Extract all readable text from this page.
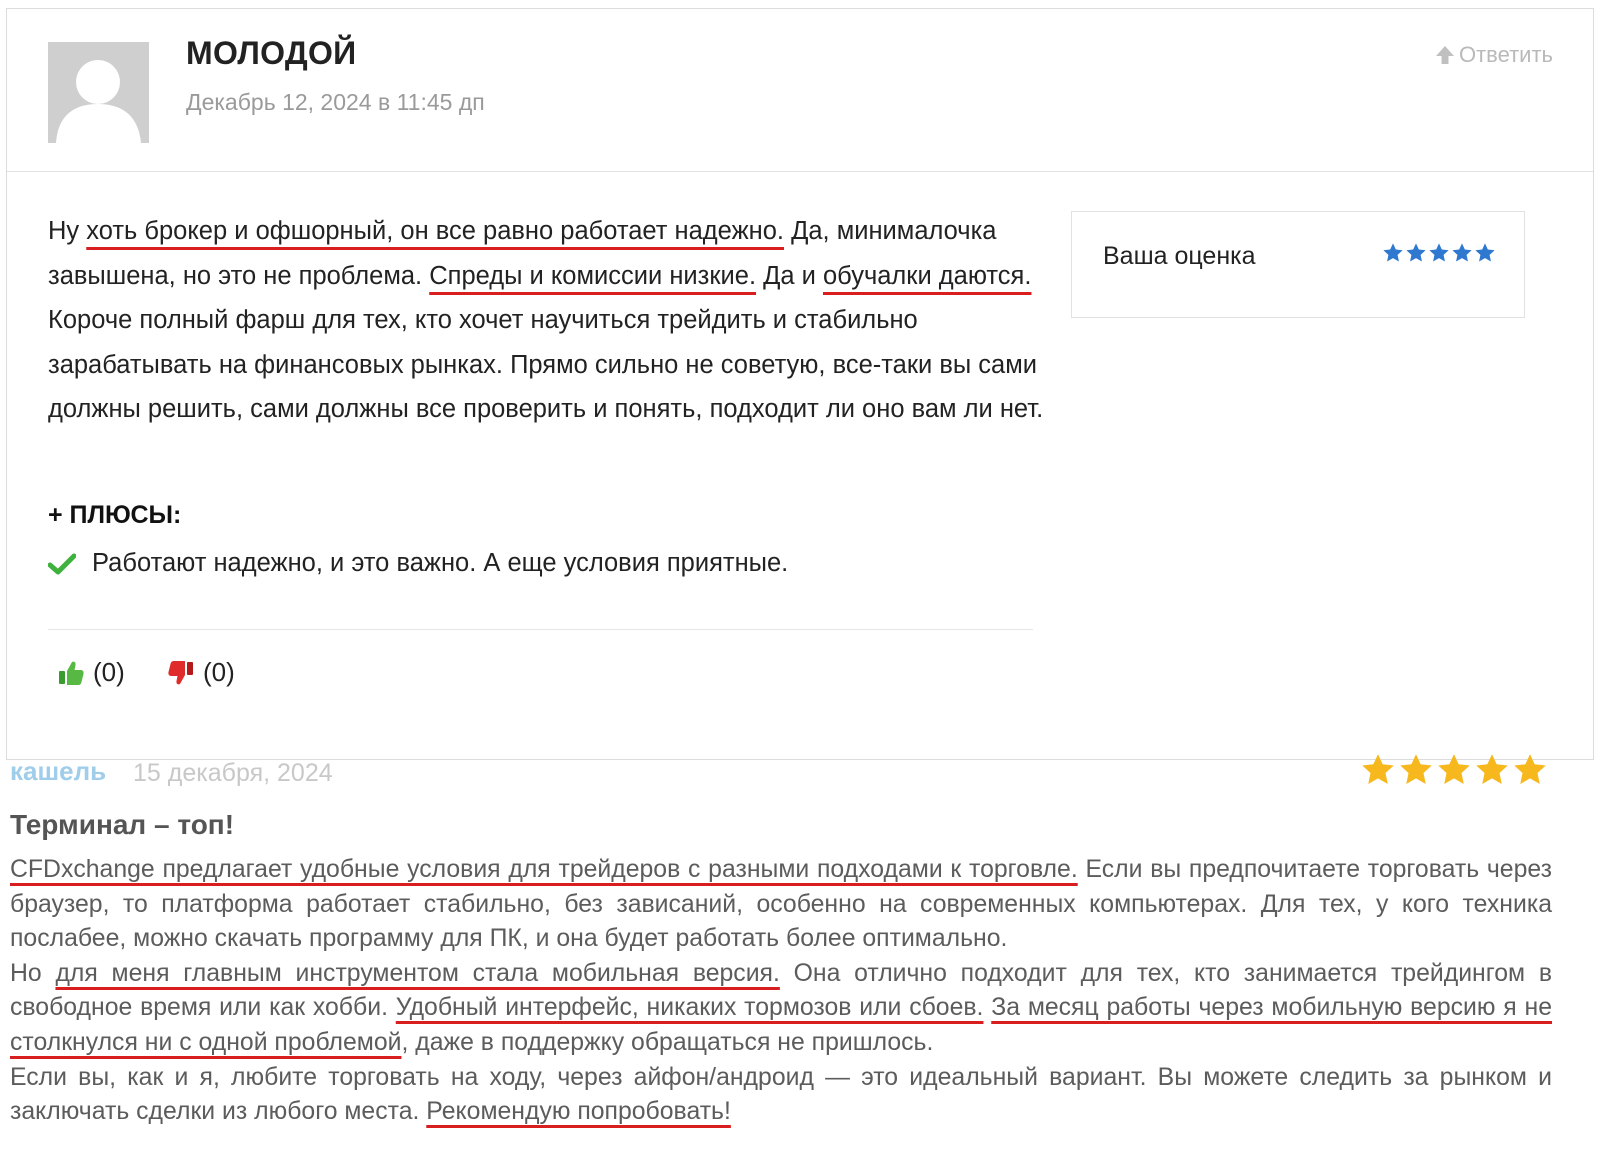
МОЛОДОЙ
Декабрь 12, 2024 в 11:45 дп
Ответить
Ну хоть брокер и офшорный, он все равно работает надежно. Да, минималочка завышена, но это не проблема. Спреды и комиссии низкие. Да и обучалки даются. Короче полный фарш для тех, кто хочет научиться трейдить и стабильно зарабатывать на финансовых рынках. Прямо сильно не советую, все-таки вы сами должны решить, сами должны все проверить и понять, подходит ли оно вам ли нет.
+ ПЛЮСЫ:
Работают надежно, и это важно. А еще условия приятные.
(0)	(0)
Ваша оценка
кашель 15 декабря, 2024
Терминал – топ!
CFDxchange предлагает удобные условия для трейдеров с разными подходами к торговле. Если вы предпочитаете торговать через браузер, то платформа работает стабильно, без зависаний, особенно на современных компьютерах. Для тех, у кого техника послабее, можно скачать программу для ПК, и она будет работать более оптимально.
Но для меня главным инструментом стала мобильная версия. Она отлично подходит для тех, кто занимается трейдингом в свободное время или как хобби. Удобный интерфейс, никаких тормозов или сбоев. За месяц работы через мобильную версию я не столкнулся ни с одной проблемой, даже в поддержку обращаться не пришлось.
Если вы, как и я, любите торговать на ходу, через айфон/андроид — это идеальный вариант. Вы можете следить за рынком и заключать сделки из любого места. Рекомендую попробовать!
